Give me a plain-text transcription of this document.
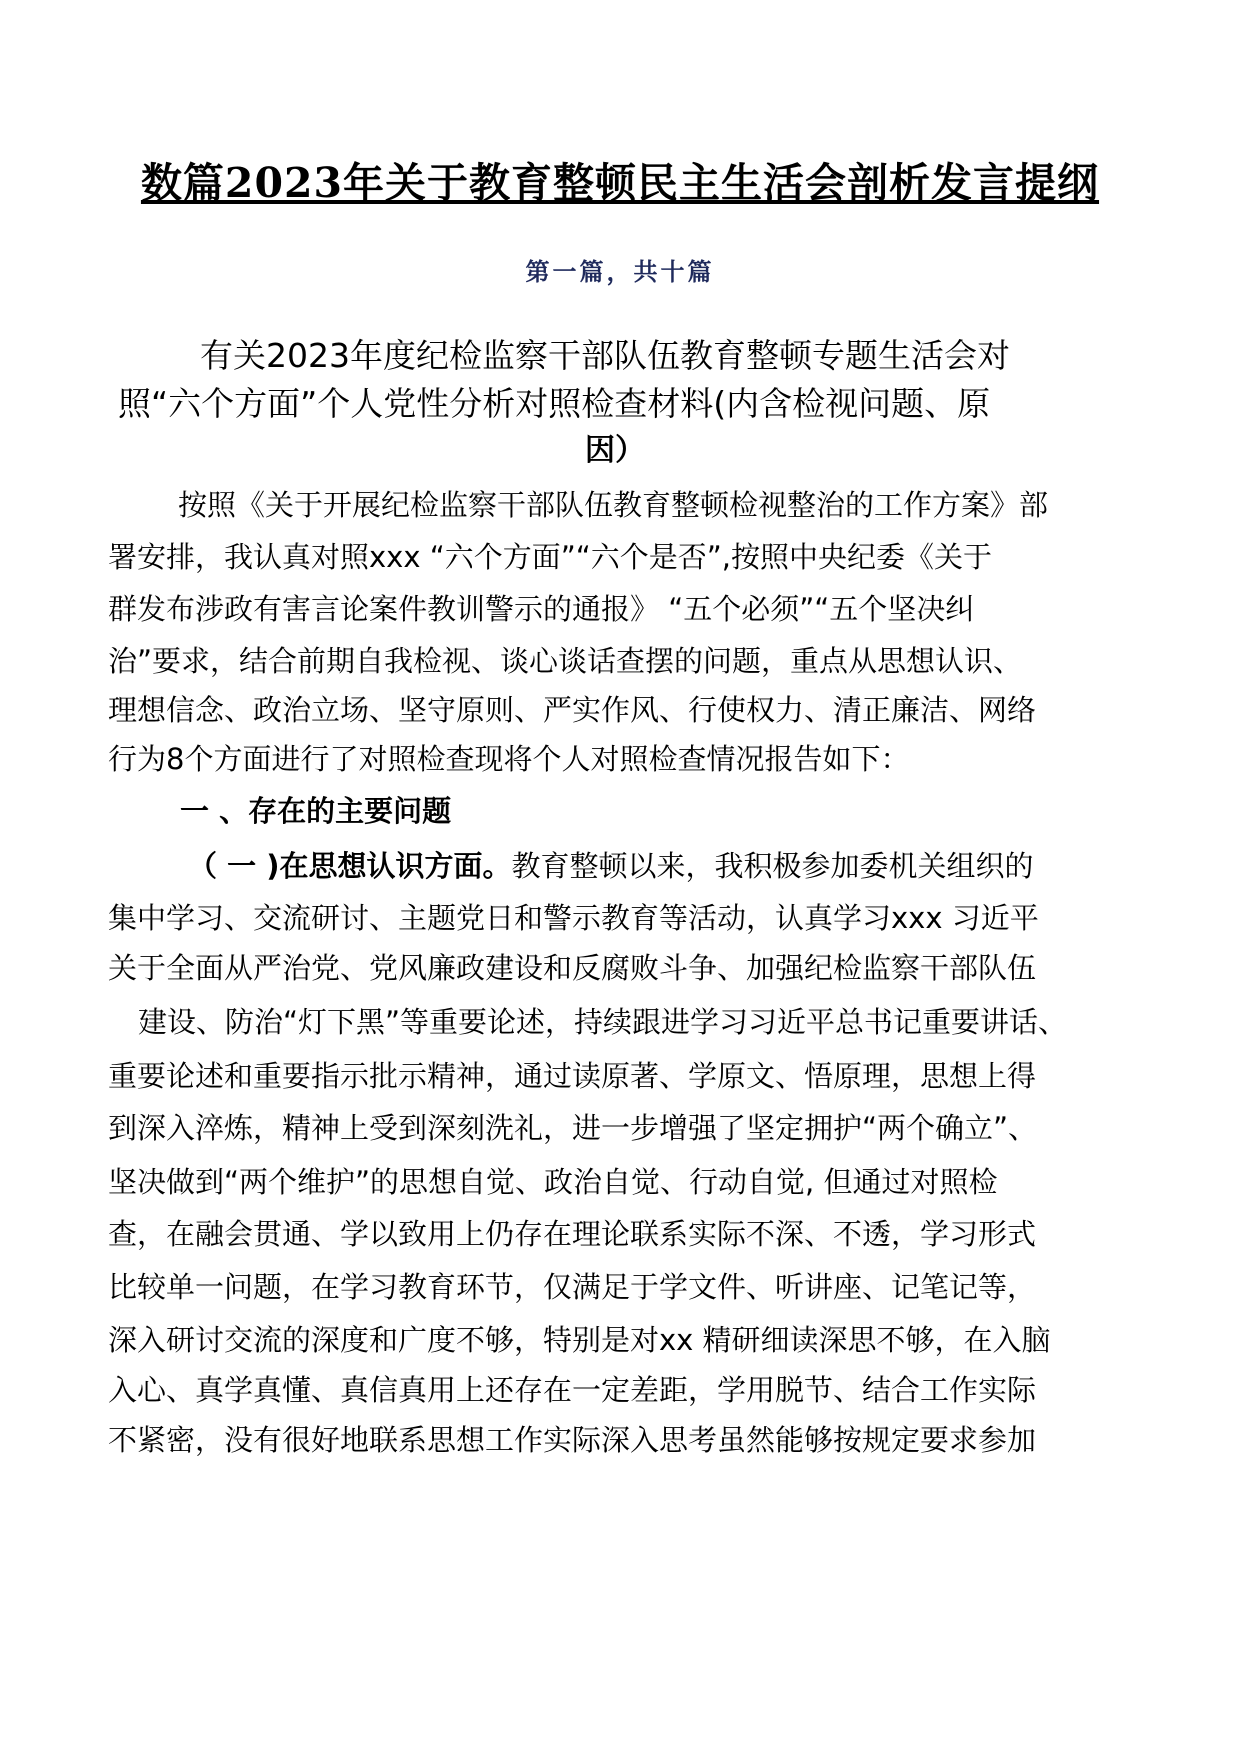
数篇2023年关于教育整顿民主生活会剖析发言提纲
第一篇，共十篇
有关2023年度纪检监察干部队伍教育整顿专题生活会对
照“六个方面”个人党性分析对照检查材料(内含检视问题、原
因）
按照《关于开展纪检监察干部队伍教育整顿检视整治的工作方案》部
署安排，我认真对照xxx “六个方面”“六个是否”,按照中央纪委《关于
群发布涉政有害言论案件教训警示的通报》 “五个必须”“五个坚决纠
治”要求，结合前期自我检视、谈心谈话查摆的问题，重点从思想认识、
理想信念、政治立场、坚守原则、严实作风、行使权力、清正廉洁、网络
行为8个方面进行了对照检查现将个人对照检查情况报告如下：
一 、存在的主要问题
（ 一 )在思想认识方面。教育整顿以来，我积极参加委机关组织的
集中学习、交流研讨、主题党日和警示教育等活动，认真学习xxx 习近平
关于全面从严治党、党风廉政建设和反腐败斗争、加强纪检监察干部队伍
建设、防治“灯下黑”等重要论述，持续跟进学习习近平总书记重要讲话、
重要论述和重要指示批示精神，通过读原著、学原文、悟原理，思想上得
到深入淬炼，精神上受到深刻洗礼，进一步增强了坚定拥护“两个确立”、
坚决做到“两个维护”的思想自觉、政治自觉、行动自觉, 但通过对照检
查，在融会贯通、学以致用上仍存在理论联系实际不深、不透，学习形式
比较单一问题，在学习教育环节，仅满足于学文件、听讲座、记笔记等，
深入研讨交流的深度和广度不够，特别是对xx 精研细读深思不够，在入脑
入心、真学真懂、真信真用上还存在一定差距，学用脱节、结合工作实际
不紧密，没有很好地联系思想工作实际深入思考虽然能够按规定要求参加
